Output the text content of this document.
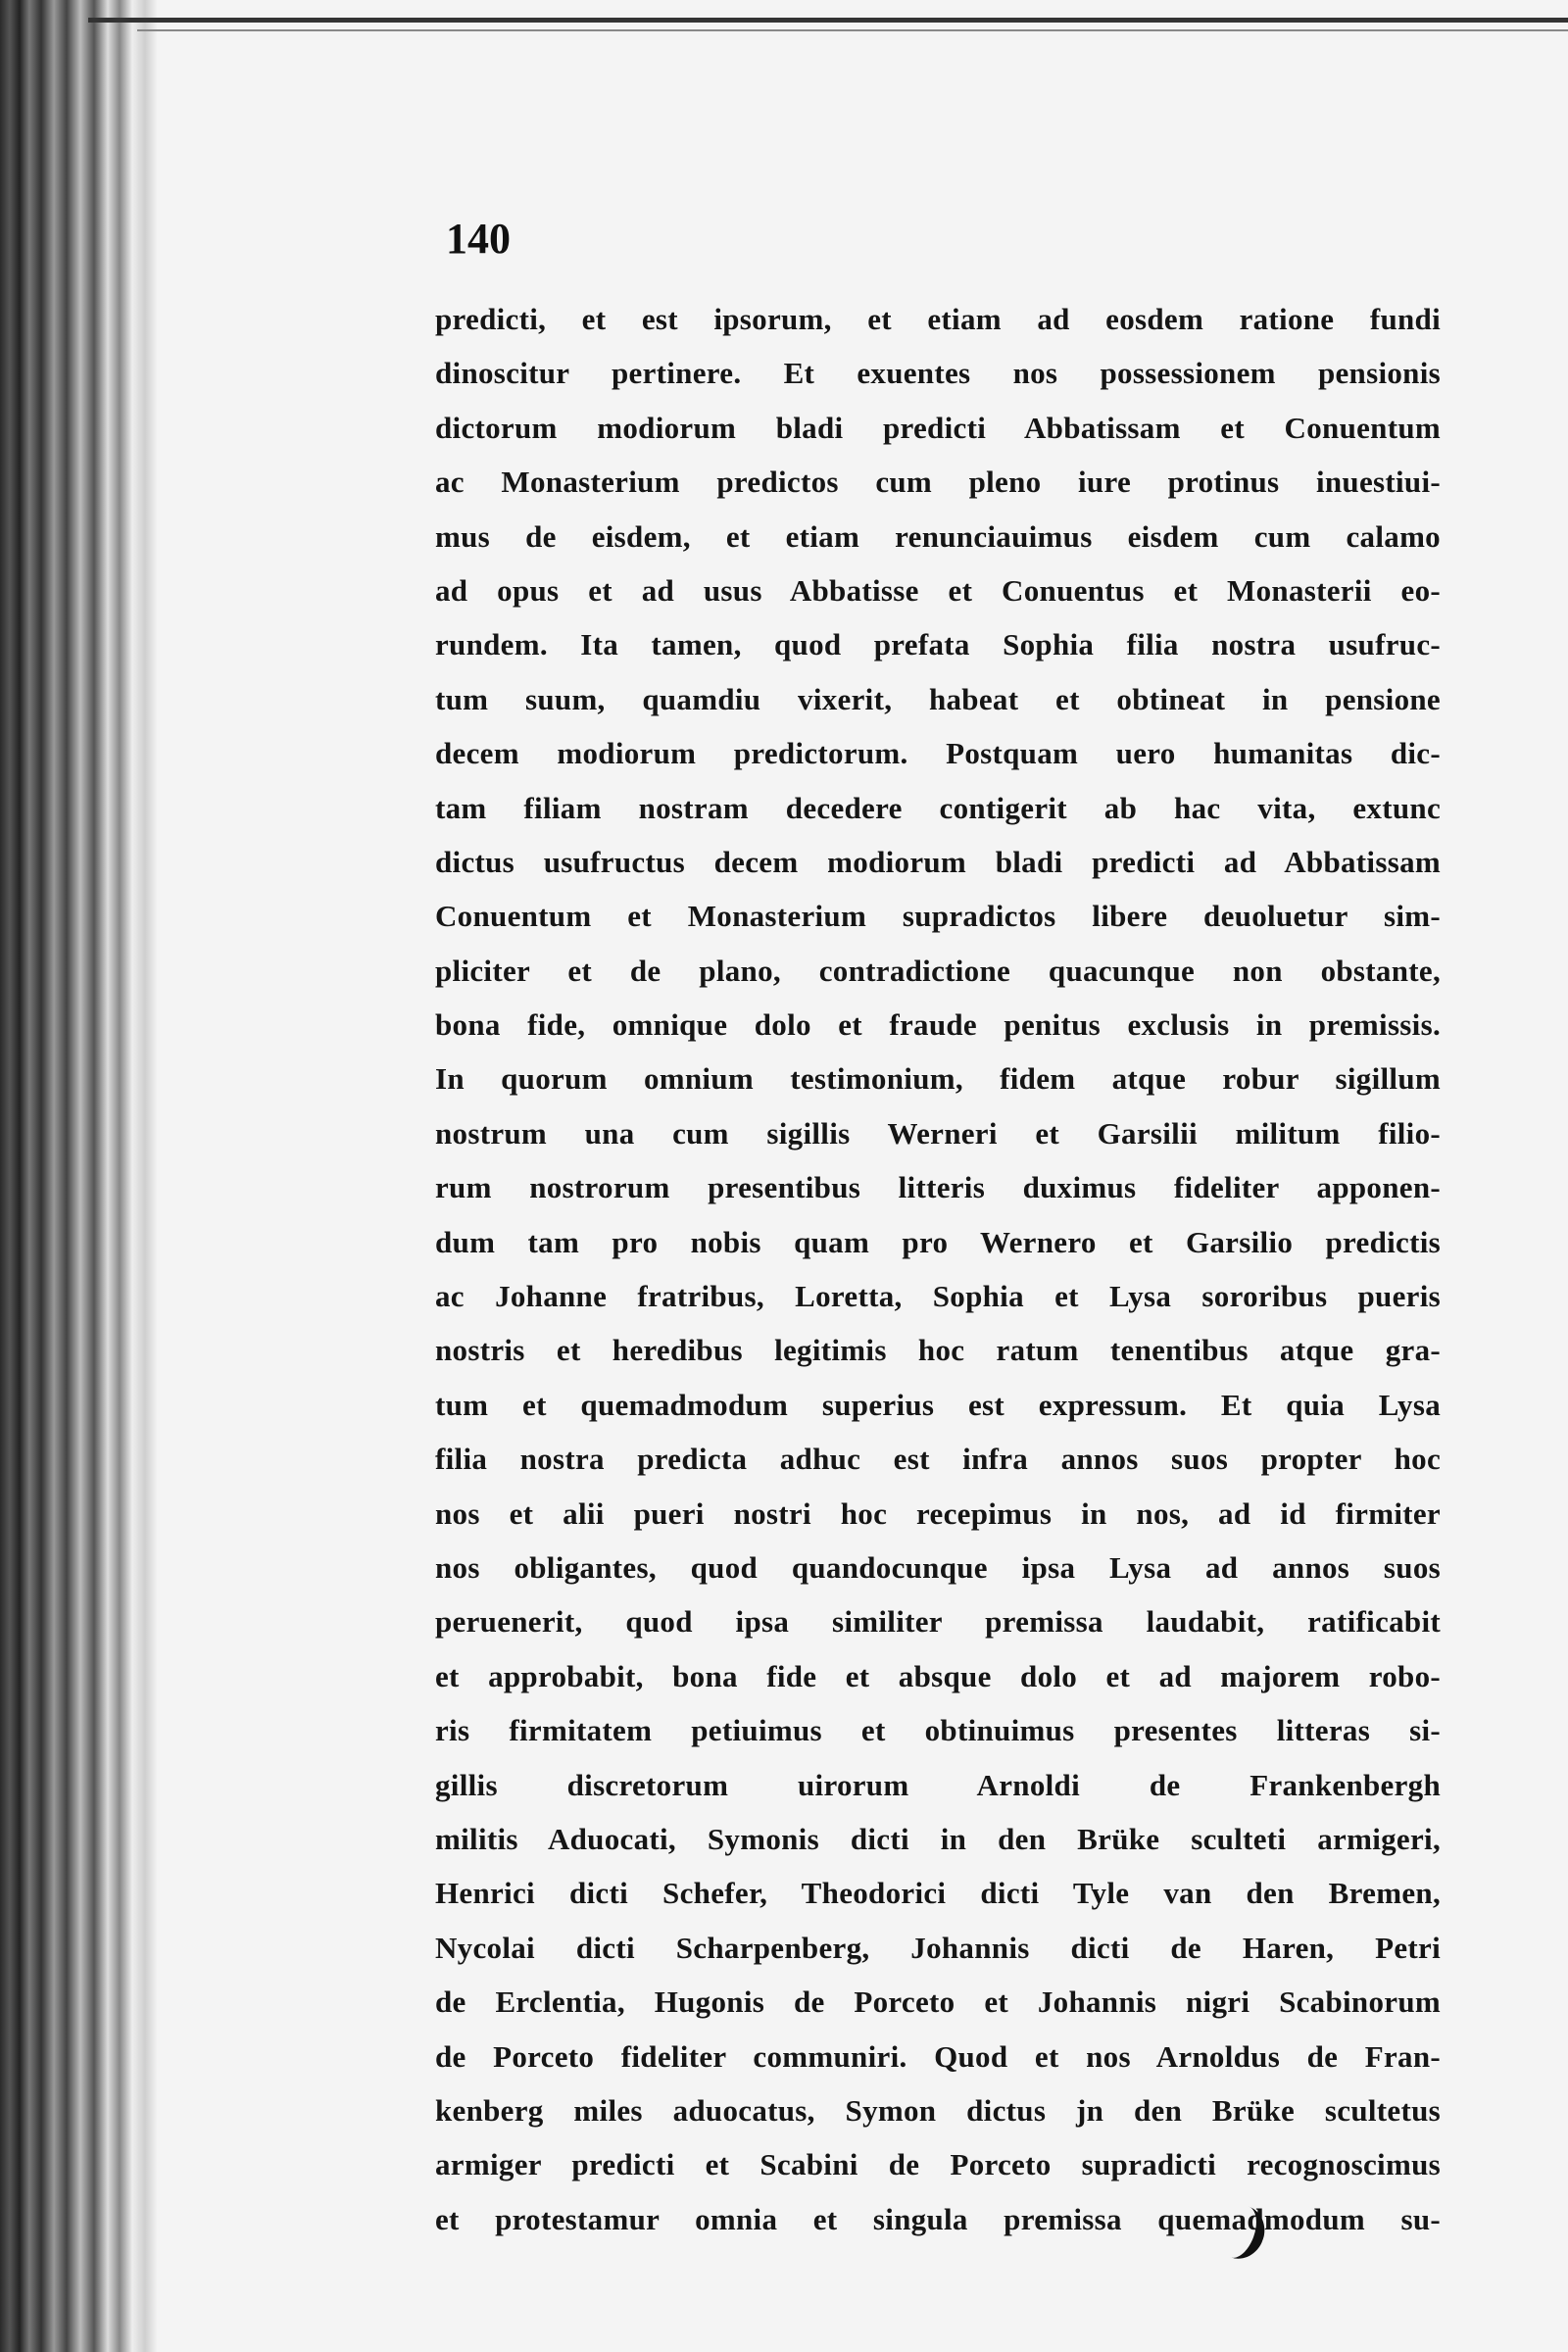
140
predicti, et est ipsorum, et etiam ad eosdem ratione fundi
dinoscitur pertinere. Et exuentes nos possessionem pensionis
dictorum modiorum bladi predicti Abbatissam et Conuentum
ac Monasterium predictos cum pleno iure protinus inuestiui-
mus de eisdem, et etiam renunciauimus eisdem cum calamo
ad opus et ad usus Abbatisse et Conuentus et Monasterii eo-
rundem. Ita tamen, quod prefata Sophia filia nostra usufruc-
tum suum, quamdiu vixerit, habeat et obtineat in pensione
decem modiorum predictorum. Postquam uero humanitas dic-
tam filiam nostram decedere contigerit ab hac vita, extunc
dictus usufructus decem modiorum bladi predicti ad Abbatissam
Conuentum et Monasterium supradictos libere deuoluetur sim-
pliciter et de plano, contradictione quacunque non obstante,
bona fide, omnique dolo et fraude penitus exclusis in premissis.
In quorum omnium testimonium, fidem atque robur sigillum
nostrum una cum sigillis Werneri et Garsilii militum filio-
rum nostrorum presentibus litteris duximus fideliter apponen-
dum tam pro nobis quam pro Wernero et Garsilio predictis
ac Johanne fratribus, Loretta, Sophia et Lysa sororibus pueris
nostris et heredibus legitimis hoc ratum tenentibus atque gra-
tum et quemadmodum superius est expressum. Et quia Lysa
filia nostra predicta adhuc est infra annos suos propter hoc
nos et alii pueri nostri hoc recepimus in nos, ad id firmiter
nos obligantes, quod quandocunque ipsa Lysa ad annos suos
peruenerit, quod ipsa similiter premissa laudabit, ratificabit
et approbabit, bona fide et absque dolo et ad majorem robo-
ris firmitatem petiuimus et obtinuimus presentes litteras si-
gillis discretorum uirorum Arnoldi de Frankenbergh
militis Aduocati, Symonis dicti in den Brüke sculteti armigeri,
Henrici dicti Schefer, Theodorici dicti Tyle van den Bremen,
Nycolai dicti Scharpenberg, Johannis dicti de Haren, Petri
de Erclentia, Hugonis de Porceto et Johannis nigri Scabinorum
de Porceto fideliter communiri. Quod et nos Arnoldus de Fran-
kenberg miles aduocatus, Symon dictus jn den Brüke scultetus
armiger predicti et Scabini de Porceto supradicti recognoscimus
et protestamur omnia et singula premissa quemadmodum su-
